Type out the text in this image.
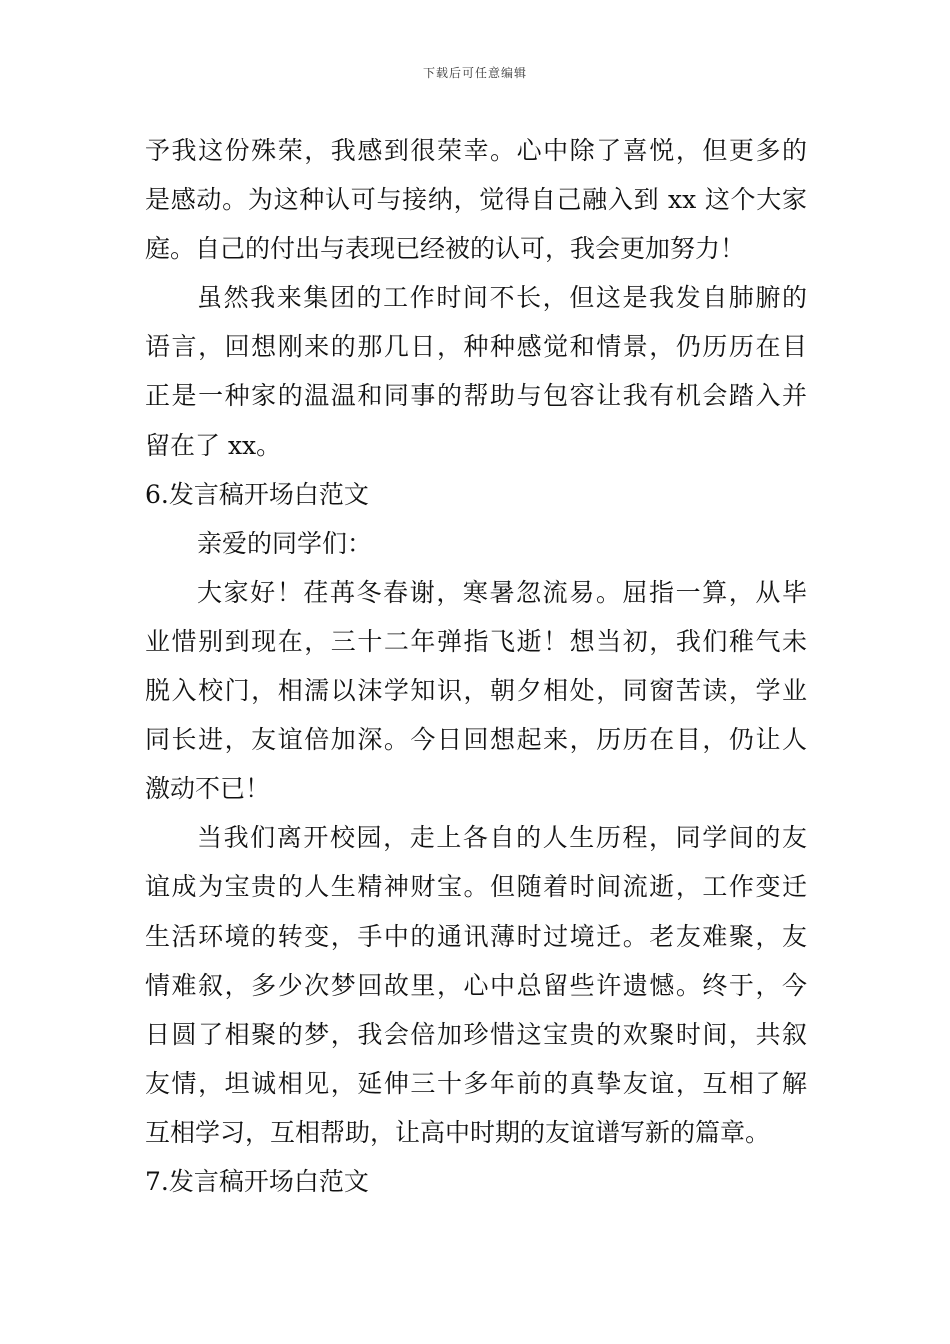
下载后可任意编辑
予我这份殊荣，我感到很荣幸。心中除了喜悦，但更多的
是感动。为这种认可与接纳，觉得自己融入到 xx 这个大家
庭。自己的付出与表现已经被的认可，我会更加努力！
虽然我来集团的工作时间不长，但这是我发自肺腑的
语言，回想刚来的那几日，种种感觉和情景，仍历历在目
正是一种家的温温和同事的帮助与包容让我有机会踏入并
留在了 xx。
6.发言稿开场白范文
亲爱的同学们：
大家好！荏苒冬春谢，寒暑忽流易。屈指一算，从毕
业惜别到现在，三十二年弹指飞逝！想当初，我们稚气未
脱入校门，相濡以沫学知识，朝夕相处，同窗苦读，学业
同长进，友谊倍加深。今日回想起来，历历在目，仍让人
激动不已！
当我们离开校园，走上各自的人生历程，同学间的友
谊成为宝贵的人生精神财宝。但随着时间流逝，工作变迁
生活环境的转变，手中的通讯薄时过境迁。老友难聚，友
情难叙，多少次梦回故里，心中总留些许遗憾。终于，今
日圆了相聚的梦，我会倍加珍惜这宝贵的欢聚时间，共叙
友情，坦诚相见，延伸三十多年前的真挚友谊，互相了解
互相学习，互相帮助，让高中时期的友谊谱写新的篇章。
7.发言稿开场白范文
